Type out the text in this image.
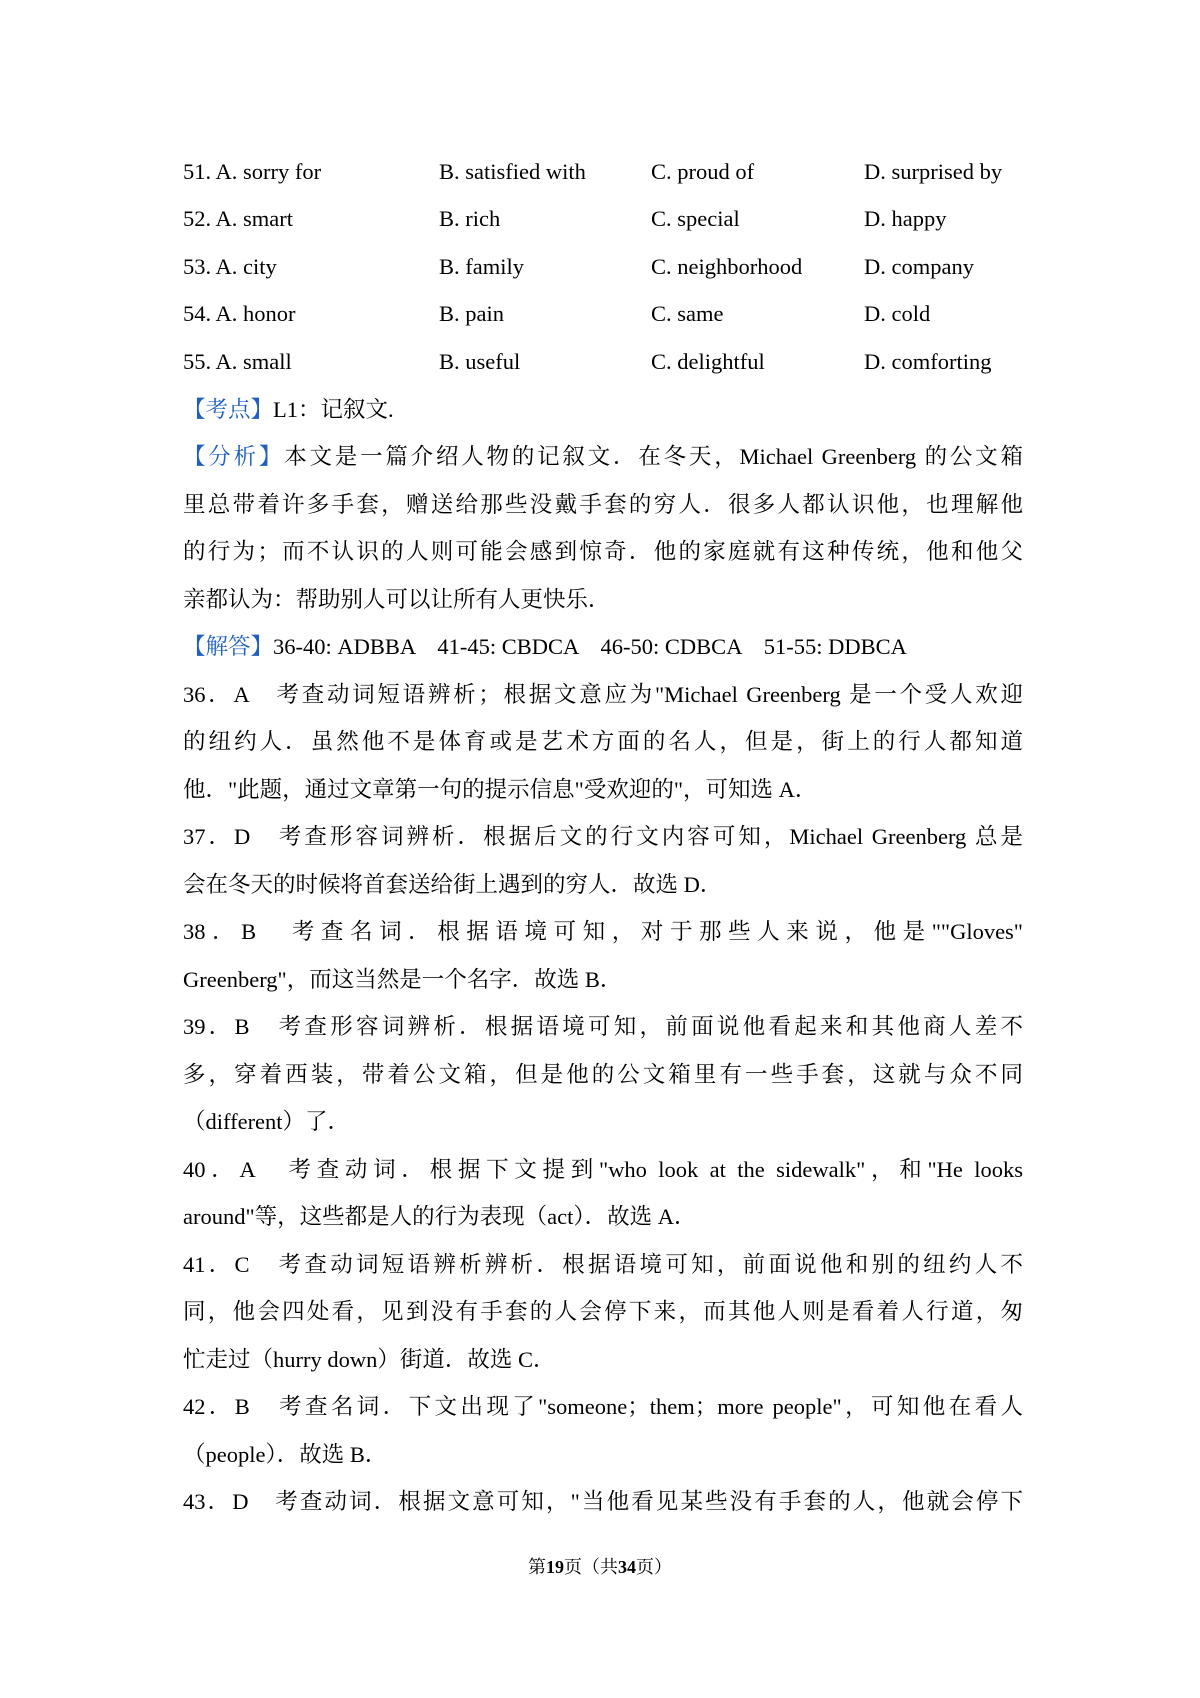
51. A. sorry for	B. satisfied with	C. proud of	D. surprised by
52. A. smart	B. rich	C. special	D. happy
53. A. city	B. family	C. neighborhood	D. company
54. A. honor	B. pain	C. same	D. cold
55. A. small	B. useful	C. delightful	D. comforting
【考点】L1：记叙文.
【分析】本文是一篇介绍人物的记叙文．在冬天，Michael Greenberg 的公文箱
里总带着许多手套，赠送给那些没戴手套的穷人．很多人都认识他，也理解他
的行为；而不认识的人则可能会感到惊奇．他的家庭就有这种传统，他和他父
亲都认为：帮助别人可以让所有人更快乐．
【解答】36-40: ADBBA    41-45: CBDCA    46-50: CDBCA    51-55: DDBCA
36．A　考查动词短语辨析；根据文意应为"Michael Greenberg 是一个受人欢迎
的纽约人．虽然他不是体育或是艺术方面的名人，但是，街上的行人都知道
他．"此题，通过文章第一句的提示信息"受欢迎的"，可知选 A．
37．D　考查形容词辨析．根据后文的行文内容可知，Michael Greenberg 总是
会在冬天的时候将首套送给街上遇到的穷人．故选 D．
38．B　考查名词．根据语境可知，对于那些人来说，他是""Gloves"
Greenberg"，而这当然是一个名字．故选 B．
39．B　考查形容词辨析．根据语境可知，前面说他看起来和其他商人差不
多，穿着西装，带着公文箱，但是他的公文箱里有一些手套，这就与众不同
（different）了．
40．A　考查动词．根据下文提到"who look at the sidewalk"，和"He looks
around"等，这些都是人的行为表现（act）．故选 A．
41．C　考查动词短语辨析辨析．根据语境可知，前面说他和别的纽约人不
同，他会四处看，见到没有手套的人会停下来，而其他人则是看着人行道，匆
忙走过（hurry down）街道．故选 C．
42．B　考查名词．下文出现了"someone；them；more people"，可知他在看人
（people）．故选 B．
43．D　考查动词．根据文意可知，"当他看见某些没有手套的人，他就会停下
第19页（共34页）
